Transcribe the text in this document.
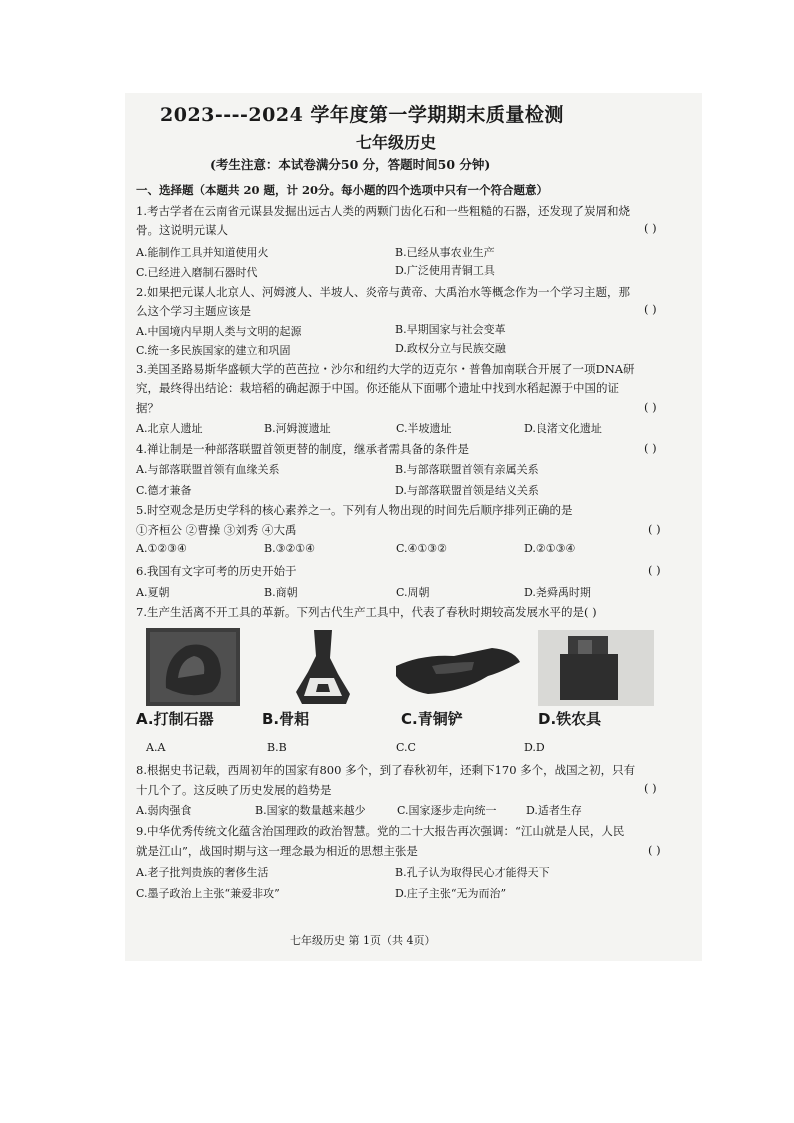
2023----2024 学年度第一学期期末质量检测
七年级历史
(考生注意：本试卷满分50 分，答题时间50 分钟)
一、选择题（本题共 20 题，计 20分。每小题的四个选项中只有一个符合题意）
1.考古学者在云南省元谋县发掘出远古人类的两颗门齿化石和一些粗糙的石器，还发现了炭屑和烧
骨。这说明元谋人	( )
A.能制作工具并知道使用火	B.已经从事农业生产
C.已经进入磨制石器时代	D.广泛使用青铜工具
2.如果把元谋人北京人、河姆渡人、半坡人、炎帝与黄帝、大禹治水等概念作为一个学习主题，那
么这个学习主题应该是	( )
A.中国境内早期人类与文明的起源	B.早期国家与社会变革
C.统一多民族国家的建立和巩固	D.政权分立与民族交融
3.美国圣路易斯华盛顿大学的芭芭拉・沙尔和纽约大学的迈克尔・普鲁加南联合开展了一项DNA研
究，最终得出结论：栽培稻的确起源于中国。你还能从下面哪个遗址中找到水稻起源于中国的证
据？	( )
A.北京人遗址	B.河姆渡遗址	C.半坡遗址	D.良渚文化遗址
4.禅让制是一种部落联盟首领更替的制度，继承者需具备的条件是	( )
A.与部落联盟首领有血缘关系	B.与部落联盟首领有亲属关系
C.德才兼备	D.与部落联盟首领是结义关系
5.时空观念是历史学科的核心素养之一。下列有人物出现的时间先后顺序排列正确的是
①齐桓公 ②曹操 ③刘秀 ④大禹	( )
A.①②③④	B.③②①④	C.④①③②	D.②①③④
6.我国有文字可考的历史开始于	( )
A.夏朝	B.商朝	C.周朝	D.尧舜禹时期
7.生产生活离不开工具的革新。下列古代生产工具中，代表了春秋时期较高发展水平的是( )
A.打制石器	B.骨耜	C.青铜铲	D.铁农具
A.A	B.B	C.C	D.D
8.根据史书记载，西周初年的国家有800 多个，到了春秋初年，还剩下170 多个，战国之初，只有
十几个了。这反映了历史发展的趋势是	( )
A.弱肉强食	B.国家的数量越来越少	C.国家逐步走向统一	D.适者生存
9.中华优秀传统文化蕴含治国理政的政治智慧。党的二十大报告再次强调：“江山就是人民，人民
就是江山”，战国时期与这一理念最为相近的思想主张是	( )
A.老子批判贵族的奢侈生活	B.孔子认为取得民心才能得天下
C.墨子政治上主张“兼爱非攻”	D.庄子主张“无为而治”
七年级历史 第 1页（共 4页）
